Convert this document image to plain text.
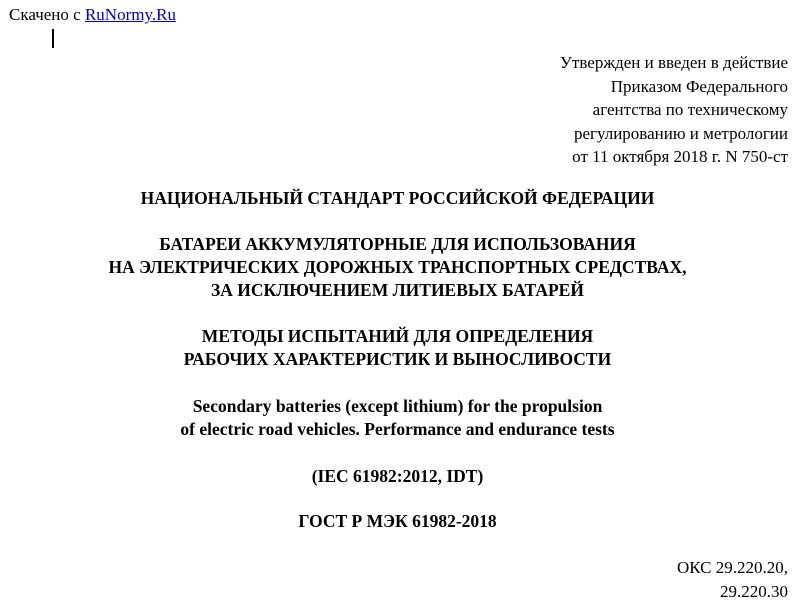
Скачено с RuNormy.Ru
Утвержден и введен в действие
Приказом Федерального
агентства по техническому
регулированию и метрологии
от 11 октября 2018 г. N 750-ст
НАЦИОНАЛЬНЫЙ СТАНДАРТ РОССИЙСКОЙ ФЕДЕРАЦИИ
БАТАРЕИ АККУМУЛЯТОРНЫЕ ДЛЯ ИСПОЛЬЗОВАНИЯ
НА ЭЛЕКТРИЧЕСКИХ ДОРОЖНЫХ ТРАНСПОРТНЫХ СРЕДСТВАХ,
ЗА ИСКЛЮЧЕНИЕМ ЛИТИЕВЫХ БАТАРЕЙ
МЕТОДЫ ИСПЫТАНИЙ ДЛЯ ОПРЕДЕЛЕНИЯ
РАБОЧИХ ХАРАКТЕРИСТИК И ВЫНОСЛИВОСТИ
Secondary batteries (except lithium) for the propulsion
of electric road vehicles. Performance and endurance tests
(IEC 61982:2012, IDT)
ГОСТ Р МЭК 61982-2018
ОКС 29.220.20,
29.220.30
